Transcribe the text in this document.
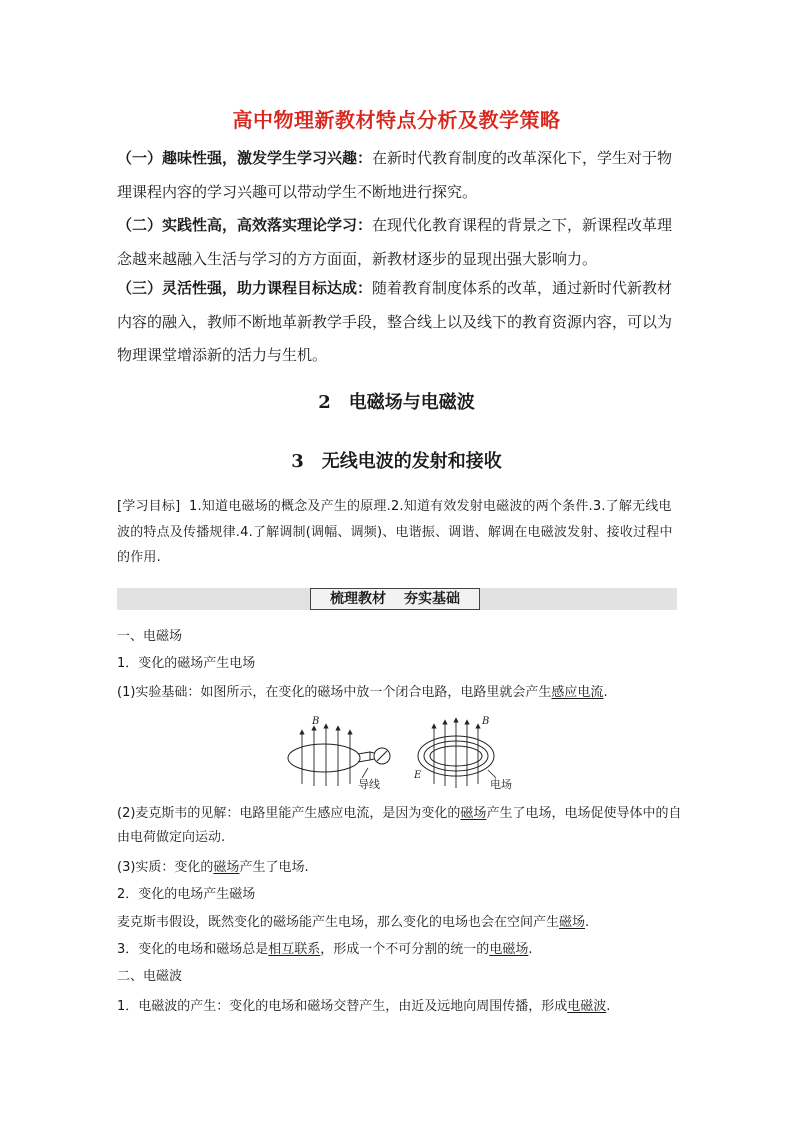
高中物理新教材特点分析及教学策略
（一）趣味性强，激发学生学习兴趣：在新时代教育制度的改革深化下，学生对于物理课程内容的学习兴趣可以带动学生不断地进行探究。
（二）实践性高，高效落实理论学习：在现代化教育课程的背景之下，新课程改革理念越来越融入生活与学习的方方面面，新教材逐步的显现出强大影响力。
（三）灵活性强，助力课程目标达成：随着教育制度体系的改革，通过新时代新教材内容的融入，教师不断地革新教学手段，整合线上以及线下的教育资源内容，可以为物理课堂增添新的活力与生机。
2 电磁场与电磁波
3 无线电波的发射和接收
[学习目标]  1.知道电磁场的概念及产生的原理.2.知道有效发射电磁波的两个条件.3.了解无线电波的特点及传播规律.4.了解调制(调幅、调频)、电谐振、调谐、解调在电磁波发射、接收过程中的作用.
梳理教材 夯实基础
一、电磁场
1．变化的磁场产生电场
(1)实验基础：如图所示，在变化的磁场中放一个闭合电路，电路里就会产生感应电流.
B
导线
B
E
电场
(2)麦克斯韦的见解：电路里能产生感应电流，是因为变化的磁场产生了电场，电场促使导体中的自由电荷做定向运动.
(3)实质：变化的磁场产生了电场.
2．变化的电场产生磁场
麦克斯韦假设，既然变化的磁场能产生电场，那么变化的电场也会在空间产生磁场.
3．变化的电场和磁场总是相互联系，形成一个不可分割的统一的电磁场.
二、电磁波
1．电磁波的产生：变化的电场和磁场交替产生，由近及远地向周围传播，形成电磁波.
